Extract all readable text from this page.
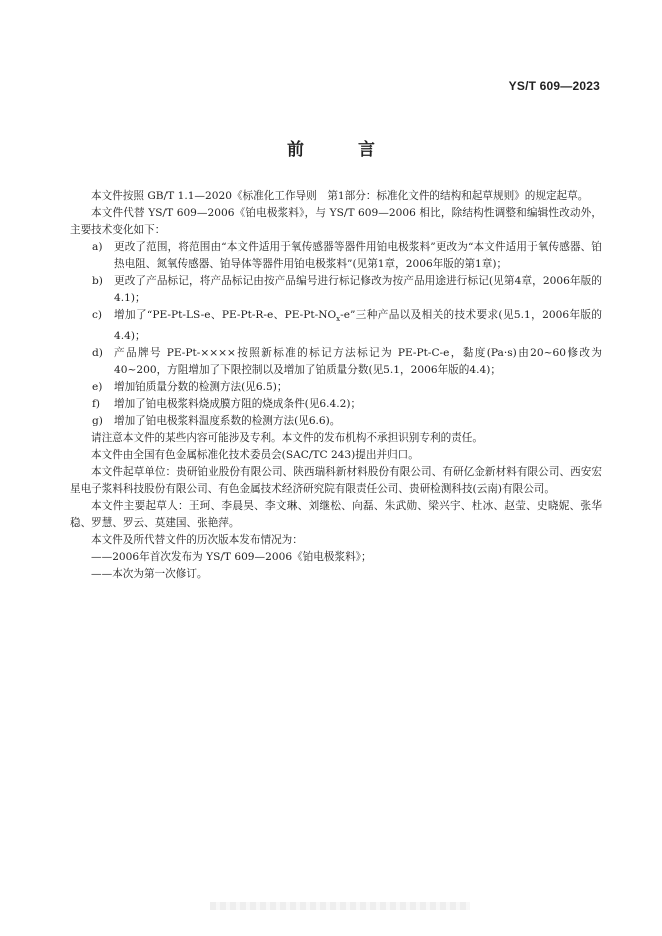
YS/T 609—2023
前 言

本文件按照 GB/T 1.1—2020《标准化工作导则　第1部分：标准化文件的结构和起草规则》的规定起草。

本文件代替 YS/T 609—2006《铂电极浆料》，与 YS/T 609—2006 相比，除结构性调整和编辑性改动外，主要技术变化如下：

a)	更改了范围，将范围由“本文件适用于氧传感器等器件用铂电极浆料”更改为“本文件适用于氧传感器、铂热电阻、氮氧传感器、铂导体等器件用铂电极浆料”(见第1章，2006年版的第1章)；
b)	更改了产品标记，将产品标记由按产品编号进行标记修改为按产品用途进行标记(见第4章，2006年版的4.1)；
c)	增加了“PE-Pt-LS-e、PE-Pt-R-e、$PE-Pt-NO_x-e$”三种产品以及相关的技术要求(见5.1，2006年版的4.4)；
d)	产品牌号 PE-Pt-××××按照新标准的标记方法标记为 PE-Pt-C-e，黏度(Pa·s)由20~60修改为40~200，方阻增加了下限控制以及增加了铂质量分数(见5.1，2006年版的4.4)；
e)	增加铂质量分数的检测方法(见6.5)；
f)	增加了铂电极浆料烧成膜方阻的烧成条件(见6.4.2)；
g)	增加了铂电极浆料温度系数的检测方法(见6.6)。

请注意本文件的某些内容可能涉及专利。本文件的发布机构不承担识别专利的责任。

本文件由全国有色金属标准化技术委员会(SAC/TC 243)提出并归口。

本文件起草单位：贵研铂业股份有限公司、陕西瑞科新材料股份有限公司、有研亿金新材料有限公司、西安宏星电子浆料科技股份有限公司、有色金属技术经济研究院有限责任公司、贵研检测科技(云南)有限公司。

本文件主要起草人：王珂、李晨昊、李文琳、刘继松、向磊、朱武勋、梁兴宇、杜冰、赵莹、史晓妮、张华稳、罗慧、罗云、莫建国、张艳萍。

本文件及所代替文件的历次版本发布情况为：

——2006年首次发布为 YS/T 609—2006《铂电极浆料》；

——本次为第一次修订。
